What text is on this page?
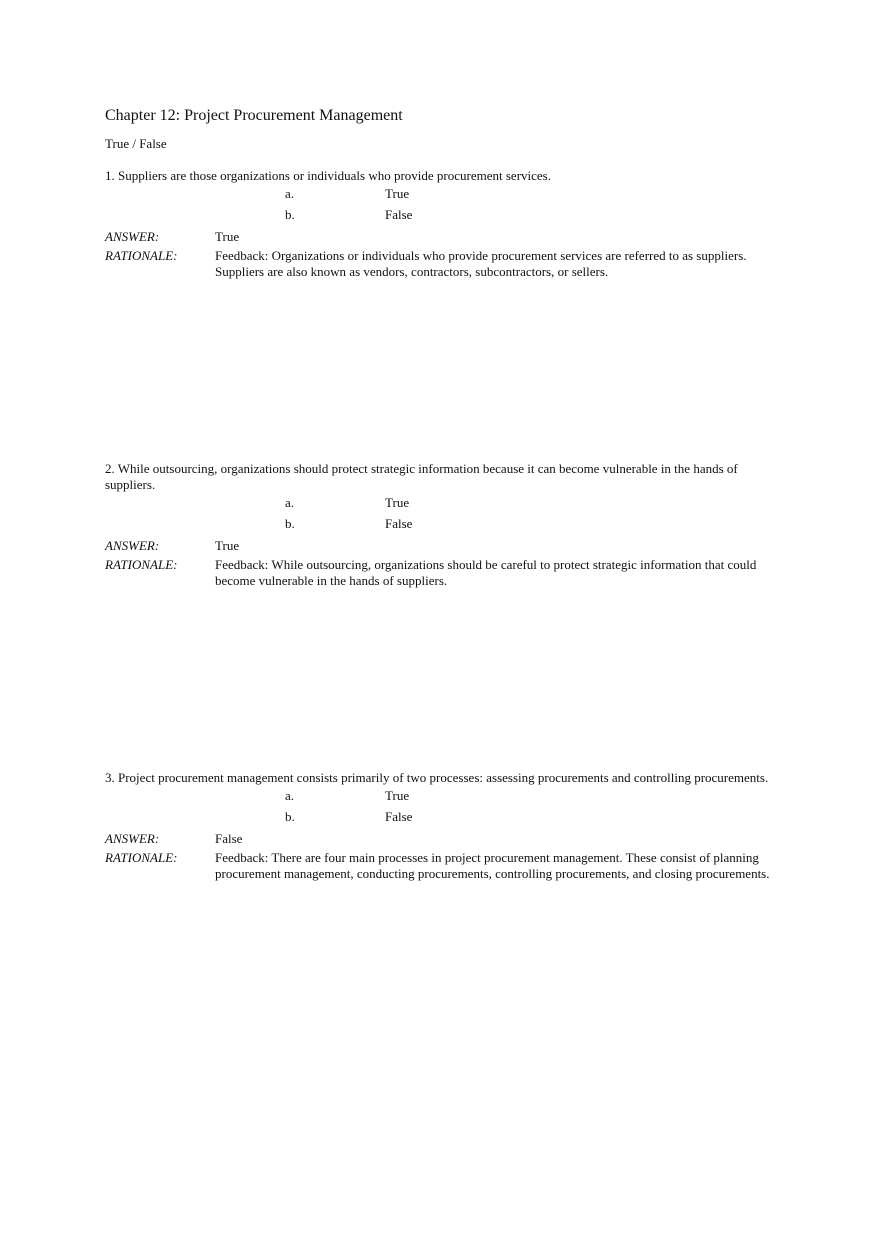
Chapter 12: Project Procurement Management
True / False

1. Suppliers are those organizations or individuals who provide procurement services.

a.	True
b.	False
ANSWER:	True
RATIONALE:	Feedback: Organizations or individuals who provide procurement services are referred to as suppliers. Suppliers are also known as vendors, contractors, subcontractors, or sellers.

2. While outsourcing, organizations should protect strategic information because it can become vulnerable in the hands of suppliers.

a.	True
b.	False
ANSWER:	True
RATIONALE:	Feedback: While outsourcing, organizations should be careful to protect strategic information that could become vulnerable in the hands of suppliers.

3. Project procurement management consists primarily of two processes: assessing procurements and controlling procurements.

a.	True
b.	False
ANSWER:	False
RATIONALE:	Feedback: There are four main processes in project procurement management. These consist of planning procurement management, conducting procurements, controlling procurements, and closing procurements.
